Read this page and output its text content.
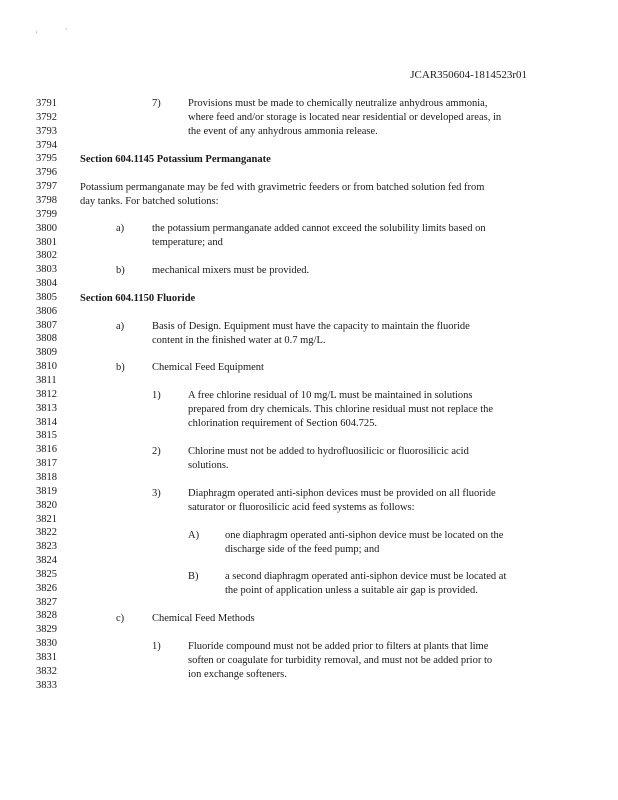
,	'
JCAR350604-1814523r01
3791
3792
3793
3794
3795
3796
3797
3798
3799
3800
3801
3802
3803
3804
3805
3806
3807
3808
3809
3810
3811
3812
3813
3814
3815
3816
3817
3818
3819
3820
3821
3822
3823
3824
3825
3826
3827
3828
3829
3830
3831
3832
3833
7)	Provisions must be made to chemically neutralize anhydrous ammonia,
where feed and/or storage is located near residential or developed areas, in
the event of any anhydrous ammonia release.
Section 604.1145 Potassium Permanganate
Potassium permanganate may be fed with gravimetric feeders or from batched solution fed from
day tanks. For batched solutions:
a)	the potassium permanganate added cannot exceed the solubility limits based on
temperature; and
b)	mechanical mixers must be provided.
Section 604.1150 Fluoride
a)	Basis of Design. Equipment must have the capacity to maintain the fluoride
content in the finished water at 0.7 mg/L.
b)	Chemical Feed Equipment
1)	A free chlorine residual of 10 mg/L must be maintained in solutions
prepared from dry chemicals. This chlorine residual must not replace the
chlorination requirement of Section 604.725.
2)	Chlorine must not be added to hydrofluosilicic or fluorosilicic acid
solutions.
3)	Diaphragm operated anti-siphon devices must be provided on all fluoride
saturator or fluorosilicic acid feed systems as follows:
A) one diaphragm operated anti-siphon device must be located on the
discharge side of the feed pump; and
B)	a second diaphragm operated anti-siphon device must be located at
the point of application unless a suitable air gap is provided.
c)	Chemical Feed Methods
1)	Fluoride compound must not be added prior to filters at plants that lime
soften or coagulate for turbidity removal, and must not be added prior to
ion exchange softeners.
